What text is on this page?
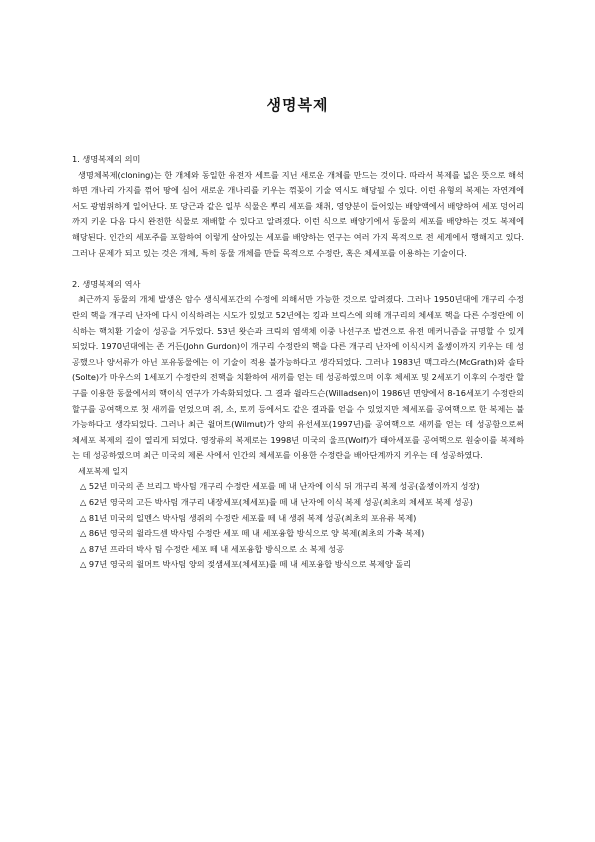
생명복제

1. 생명복제의 의미

생명체복제(cloning)는 한 개체와 동일한 유전자 세트를 지닌 새로운 개체를 만드는 것이다. 따라서 복제를 넓은 뜻으로 해석하면 개나리 가지를 꺾어 땅에 심어 새로운 개나리를 키우는 꺾꽂이 기술 역시도 해당될 수 있다. 이런 유형의 복제는 자연계에서도 광범위하게 일어난다. 또 당근과 같은 일부 식물은 뿌리 세포를 채취, 영양분이 들어있는 배양액에서 배양하여 세포 덩어리까지 키운 다음 다시 완전한 식물로 재배할 수 있다고 알려졌다. 이런 식으로 배양기에서 동물의 세포를 배양하는 것도 복제에 해당된다. 인간의 세포주를 포함하여 이렇게 살아있는 세포를 배양하는 연구는 여러 가지 목적으로 전 세계에서 행해지고 있다. 그러나 문제가 되고 있는 것은 개체, 특히 동물 개체를 만들 목적으로 수정란, 혹은 체세포를 이용하는 기술이다.

2. 생명복제의 역사

최근까지 동물의 개체 발생은 암수 생식세포간의 수정에 의해서만 가능한 것으로 알려졌다. 그러나 1950년대에 개구리 수정란의 핵을 개구리 난자에 다시 이식하려는 시도가 있었고 52년에는 킹과 브릭스에 의해 개구리의 체세포 핵을 다른 수정란에 이식하는 핵치환 기술이 성공을 거두었다. 53년 왓슨과 크릭의 염색체 이중 나선구조 발견으로 유전 메커니즘을 규명할 수 있게 되었다. 1970년대에는 존 거든(John Gurdon)이 개구리 수정란의 핵을 다른 개구리 난자에 이식시켜 올챙이까지 키우는 데 성공했으나 양서류가 아닌 포유동물에는 이 기술이 적용 불가능하다고 생각되었다. 그러나 1983년 맥그라스(McGrath)와 솔타(Solte)가 마우스의 1세포기 수정란의 전핵을 치환하여 새끼를 얻는 데 성공하였으며 이후 체세포 및 2세포기 이후의 수정란 할구를 이용한 동물에서의 핵이식 연구가 가속화되었다. 그 결과 윌라드슨(Willadsen)이 1986년 면양에서 8-16세포기 수정란의 할구를 공여핵으로 첫 새끼를 얻었으며 쥐, 소, 토끼 등에서도 같은 결과를 얻을 수 있었지만 체세포를 공여핵으로 한 복제는 불가능하다고 생각되었다. 그러나 최근 윌머트(Wilmut)가 양의 유선세포(1997년)를 공여핵으로 새끼를 얻는 데 성공함으로써 체세포 복제의 길이 열리게 되었다. 영장류의 복제로는 1998년 미국의 울프(Wolf)가 태아세포를 공여핵으로 원숭이를 복제하는 데 성공하였으며 최근 미국의 제론 사에서 인간의 체세포를 이용한 수정란을 배아단계까지 키우는 데 성공하였다.

세포복제 일지

△ 52년 미국의 존 브리그 박사팀 개구리 수정란 세포를 떼 내 난자에 이식 뒤 개구리 복제 성공(올챙이까지 성장)

△ 62년 영국의 고든 박사팀 개구리 내장세포(체세포)를 떼 내 난자에 이식 복제 성공(최초의 체세포 복제 성공)

△ 81년 미국의 일멘스 박사팀 생쥐의 수정란 세포를 떼 내 생쥐 복제 성공(최초의 포유류 복제)

△ 86년 영국의 윌라드센 박사팀 수정란 세포 떼 내 세포융합 방식으로 양 복제(최초의 가축 복제)

△ 87년 프라더 박사 팀 수정란 세포 떼 내 세포융합 방식으로 소 복제 성공

△ 97년 영국의 윌머트 박사팀 양의 젖샘세포(체세포)를 떼 내 세포융합 방식으로 복제양 돌리
